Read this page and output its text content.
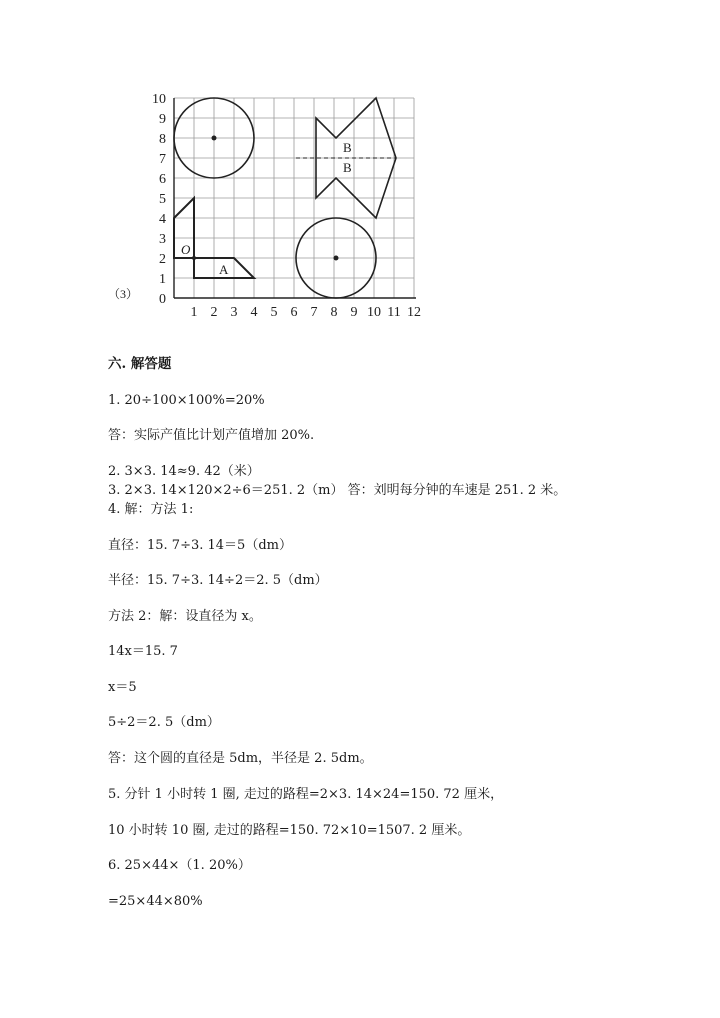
10
9
8
7
6
5
4
3
2
1
0
1 2 3 4 5 6 7 8 9 10 11 12
O
A
B
B
（3）
六. 解答题
1. 20÷100×100%=20%
答：实际产值比计划产值增加 20%.
2. 3×3. 14≈9. 42（米）
3. 2×3. 14×120×2÷6＝251. 2（m） 答：刘明每分钟的车速是 251. 2 米。
4. 解：方法 1:
直径：15. 7÷3. 14＝5（dm）
半径：15. 7÷3. 14÷2＝2. 5（dm）
方法 2：解：设直径为 x。
14x＝15. 7
x＝5
5÷2＝2. 5（dm）
答：这个圆的直径是 5dm，半径是 2. 5dm。
5. 分针 1 小时转 1 圈, 走过的路程=2×3. 14×24=150. 72 厘米，
10 小时转 10 圈, 走过的路程=150. 72×10=1507. 2 厘米。
6. 25×44×（1. 20%）
=25×44×80%
